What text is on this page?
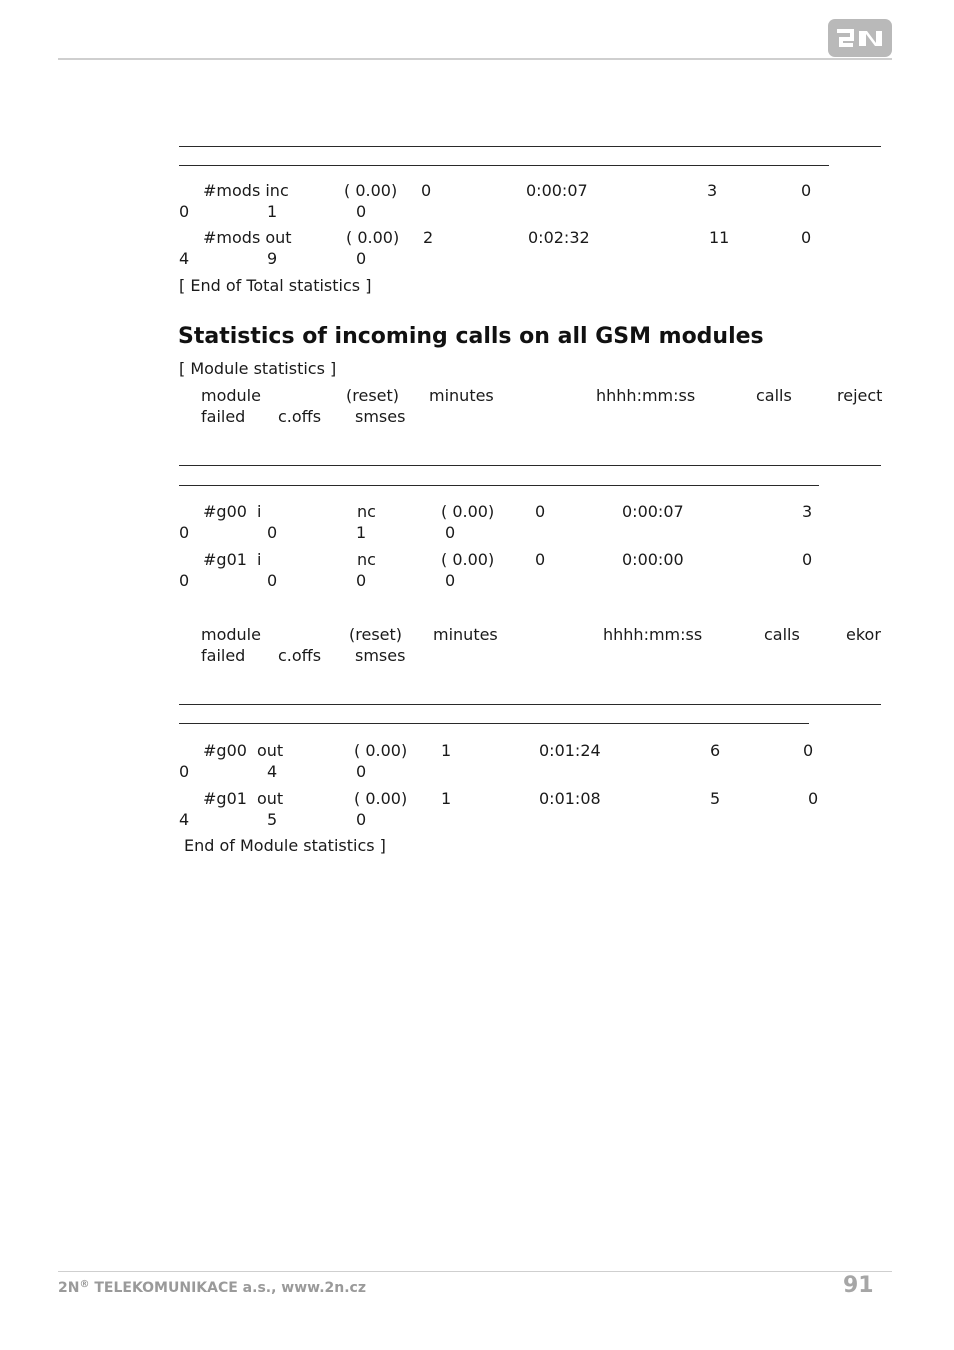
#mods inc	( 0.00) 0	0:00:07	3	0
0	1	0
#mods out	( 0.00) 2	0:02:32	11	0
4	9	0
[ End of Total statistics ]
Statistics of incoming calls on all GSM modules
[ Module statistics ]
module	(reset) minutes	hhhh:mm:ss	calls	reject
failed c.offs smses
#g00 i	nc	( 0.00)	0	0:00:07	3
0	0	1	0
#g01 i	nc	( 0.00)	0	0:00:00	0
0	0	0	0
module	(reset) minutes	hhhh:mm:ss	calls	ekor
failed c.offs smses
#g00 out	( 0.00) 1	0:01:24	6	0
0	4	0
#g01 out	( 0.00) 1	0:01:08	5	0
4	5	0
End of Module statistics ]
2N® TELEKOMUNIKACE a.s., www.2n.cz	91
